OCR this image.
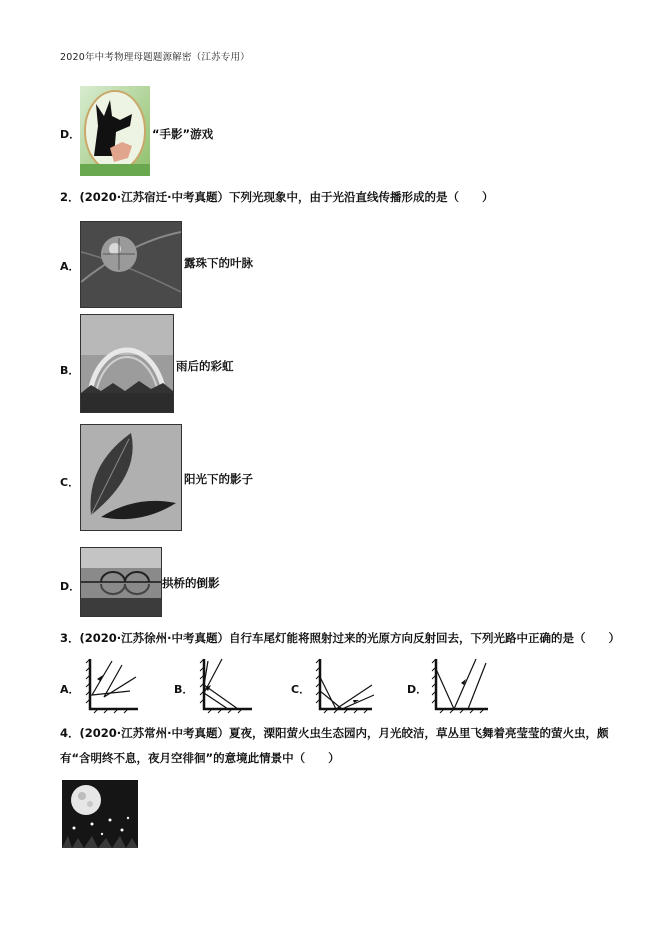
2020年中考物理母题题源解密（江苏专用）
D．	“手影”游戏
2．(2020·江苏宿迁·中考真题）下列光现象中，由于光沿直线传播形成的是（　　）
A．	露珠下的叶脉
B．	雨后的彩虹
C．	阳光下的影子
D．	拱桥的倒影
3．(2020·江苏徐州·中考真题）自行车尾灯能将照射过来的光原方向反射回去，下列光路中正确的是（　　）
A．	B．	C．	D．
4．(2020·江苏常州·中考真题）夏夜，溧阳萤火虫生态园内，月光皎洁，草丛里飞舞着亮莹莹的萤火虫，颇
有“含明终不息，夜月空徘徊”的意境此情景中（　　）
